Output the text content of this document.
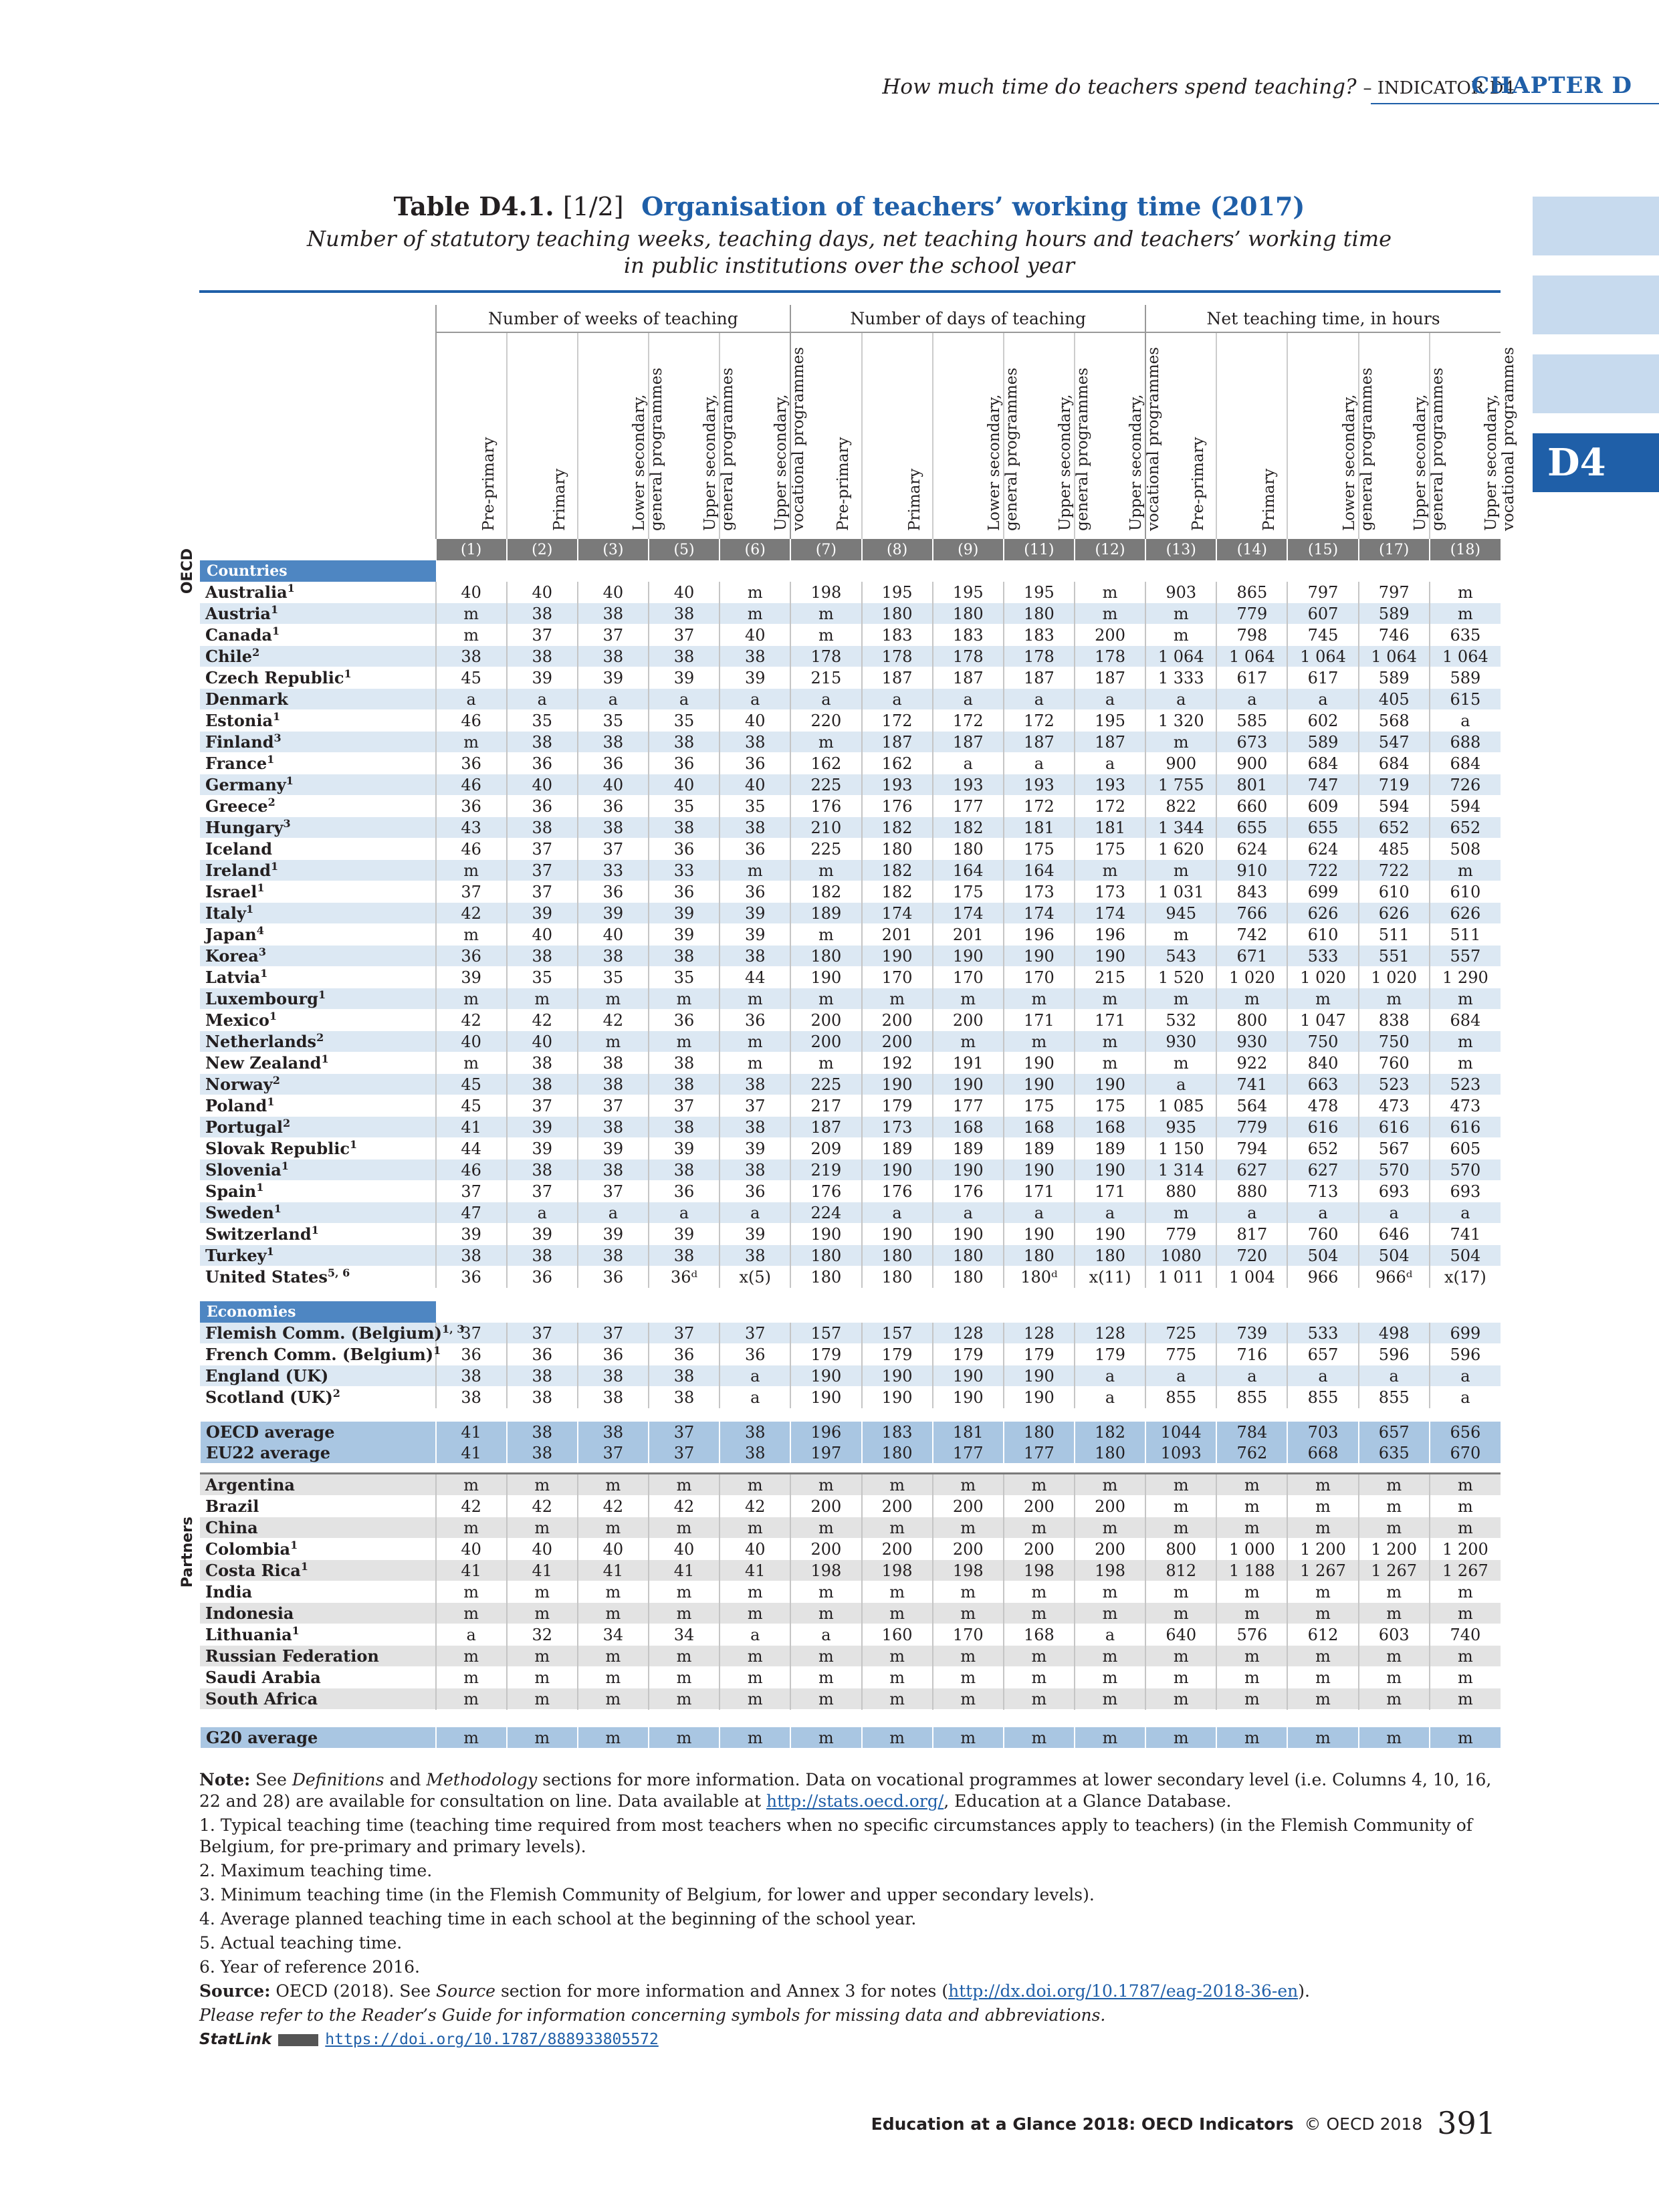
How much time do teachers spend teaching? – INDICATOR D4
CHAPTER D
D4
Table D4.1. [1/2] Organisation of teachers’ working time (2017)
Number of statutory teaching weeks, teaching days, net teaching hours and teachers’ working time
in public institutions over the school year
	Number of weeks of teaching					Number of days of teaching					Net teaching time, in hours				

	Pre-primary	Primary	Lower secondary, general programmes	Upper secondary, general programmes	Upper secondary, vocational programmes	Pre-primary	Primary	Lower secondary, general programmes	Upper secondary, general programmes	Upper secondary, vocational programmes	Pre-primary	Primary	Lower secondary, general programmes	Upper secondary, general programmes	Upper secondary, vocational programmes

	(1)	(2)	(3)	(5)	(6)	(7)	(8)	(9)	(11)	(12)	(13)	(14)	(15)	(17)	(18)
Countries															
Australia$^1$	40	40	40	40	m	198	195	195	195	m	903	865	797	797	m
Austria$^1$	m	38	38	38	m	m	180	180	180	m	m	779	607	589	m
Canada$^1$	m	37	37	37	40	m	183	183	183	200	m	798	745	746	635
Chile$^2$	38	38	38	38	38	178	178	178	178	178	1 064	1 064	1 064	1 064	1 064
Czech Republic$^1$	45	39	39	39	39	215	187	187	187	187	1 333	617	617	589	589
Denmark	a	a	a	a	a	a	a	a	a	a	a	a	a	405	615
Estonia$^1$	46	35	35	35	40	220	172	172	172	195	1 320	585	602	568	a
Finland$^3$	m	38	38	38	38	m	187	187	187	187	m	673	589	547	688
France$^1$	36	36	36	36	36	162	162	a	a	a	900	900	684	684	684
Germany$^1$	46	40	40	40	40	225	193	193	193	193	1 755	801	747	719	726
Greece$^2$	36	36	36	35	35	176	176	177	172	172	822	660	609	594	594
Hungary$^3$	43	38	38	38	38	210	182	182	181	181	1 344	655	655	652	652
Iceland	46	37	37	36	36	225	180	180	175	175	1 620	624	624	485	508
Ireland$^1$	m	37	33	33	m	m	182	164	164	m	m	910	722	722	m
Israel$^1$	37	37	36	36	36	182	182	175	173	173	1 031	843	699	610	610
Italy$^1$	42	39	39	39	39	189	174	174	174	174	945	766	626	626	626
Japan$^4$	m	40	40	39	39	m	201	201	196	196	m	742	610	511	511
Korea$^3$	36	38	38	38	38	180	190	190	190	190	543	671	533	551	557
Latvia$^1$	39	35	35	35	44	190	170	170	170	215	1 520	1 020	1 020	1 020	1 290
Luxembourg$^1$	m	m	m	m	m	m	m	m	m	m	m	m	m	m	m
Mexico$^1$	42	42	42	36	36	200	200	200	171	171	532	800	1 047	838	684
Netherlands$^2$	40	40	m	m	m	200	200	m	m	m	930	930	750	750	m
New Zealand$^1$	m	38	38	38	m	m	192	191	190	m	m	922	840	760	m
Norway$^2$	45	38	38	38	38	225	190	190	190	190	a	741	663	523	523
Poland$^1$	45	37	37	37	37	217	179	177	175	175	1 085	564	478	473	473
Portugal$^2$	41	39	38	38	38	187	173	168	168	168	935	779	616	616	616
Slovak Republic$^1$	44	39	39	39	39	209	189	189	189	189	1 150	794	652	567	605
Slovenia$^1$	46	38	38	38	38	219	190	190	190	190	1 314	627	627	570	570
Spain$^1$	37	37	37	36	36	176	176	176	171	171	880	880	713	693	693
Sweden$^1$	47	a	a	a	a	224	a	a	a	a	m	a	a	a	a
Switzerland$^1$	39	39	39	39	39	190	190	190	190	190	779	817	760	646	741
Turkey$^1$	38	38	38	38	38	180	180	180	180	180	1080	720	504	504	504
United States$^{5, 6}$	36	36	36	36ᵈ	x(5)	180	180	180	180ᵈ	x(11)	1 011	1 004	966	966ᵈ	x(17)

Economies															
Flemish Comm. (Belgium)$^{1, 3}$	37	37	37	37	37	157	157	128	128	128	725	739	533	498	699
French Comm. (Belgium)$^1$	36	36	36	36	36	179	179	179	179	179	775	716	657	596	596
England (UK)	38	38	38	38	a	190	190	190	190	a	a	a	a	a	a
Scotland (UK)$^2$	38	38	38	38	a	190	190	190	190	a	855	855	855	855	a

OECD average	41	38	38	37	38	196	183	181	180	182	1044	784	703	657	656
EU22 average	41	38	37	37	38	197	180	177	177	180	1093	762	668	635	670

Argentina	m	m	m	m	m	m	m	m	m	m	m	m	m	m	m
Brazil	42	42	42	42	42	200	200	200	200	200	m	m	m	m	m
China	m	m	m	m	m	m	m	m	m	m	m	m	m	m	m
Colombia$^1$	40	40	40	40	40	200	200	200	200	200	800	1 000	1 200	1 200	1 200
Costa Rica$^1$	41	41	41	41	41	198	198	198	198	198	812	1 188	1 267	1 267	1 267
India	m	m	m	m	m	m	m	m	m	m	m	m	m	m	m
Indonesia	m	m	m	m	m	m	m	m	m	m	m	m	m	m	m
Lithuania$^1$	a	32	34	34	a	a	160	170	168	a	640	576	612	603	740
Russian Federation	m	m	m	m	m	m	m	m	m	m	m	m	m	m	m
Saudi Arabia	m	m	m	m	m	m	m	m	m	m	m	m	m	m	m
South Africa	m	m	m	m	m	m	m	m	m	m	m	m	m	m	m

G20 average	m	m	m	m	m	m	m	m	m	m	m	m	m	m	m
OECD
Partners

Note: See Definitions and Methodology sections for more information. Data on vocational programmes at lower secondary level (i.e. Columns 4, 10, 16, 22 and 28) are available for consultation on line. Data available at http://stats.oecd.org/, Education at a Glance Database.

1. Typical teaching time (teaching time required from most teachers when no specific circumstances apply to teachers) (in the Flemish Community of Belgium, for pre-primary and primary levels).

2. Maximum teaching time.

3. Minimum teaching time (in the Flemish Community of Belgium, for lower and upper secondary levels).

4. Average planned teaching time in each school at the beginning of the school year.

5. Actual teaching time.

6. Year of reference 2016.

Source: OECD (2018). See Source section for more information and Annex 3 for notes (http://dx.doi.org/10.1787/eag-2018-36-en).

Please refer to the Reader’s Guide for information concerning symbols for missing data and abbreviations.

StatLink	https://doi.org/10.1787/888933805572
Education at a Glance 2018: OECD Indicators © OECD 2018 391
